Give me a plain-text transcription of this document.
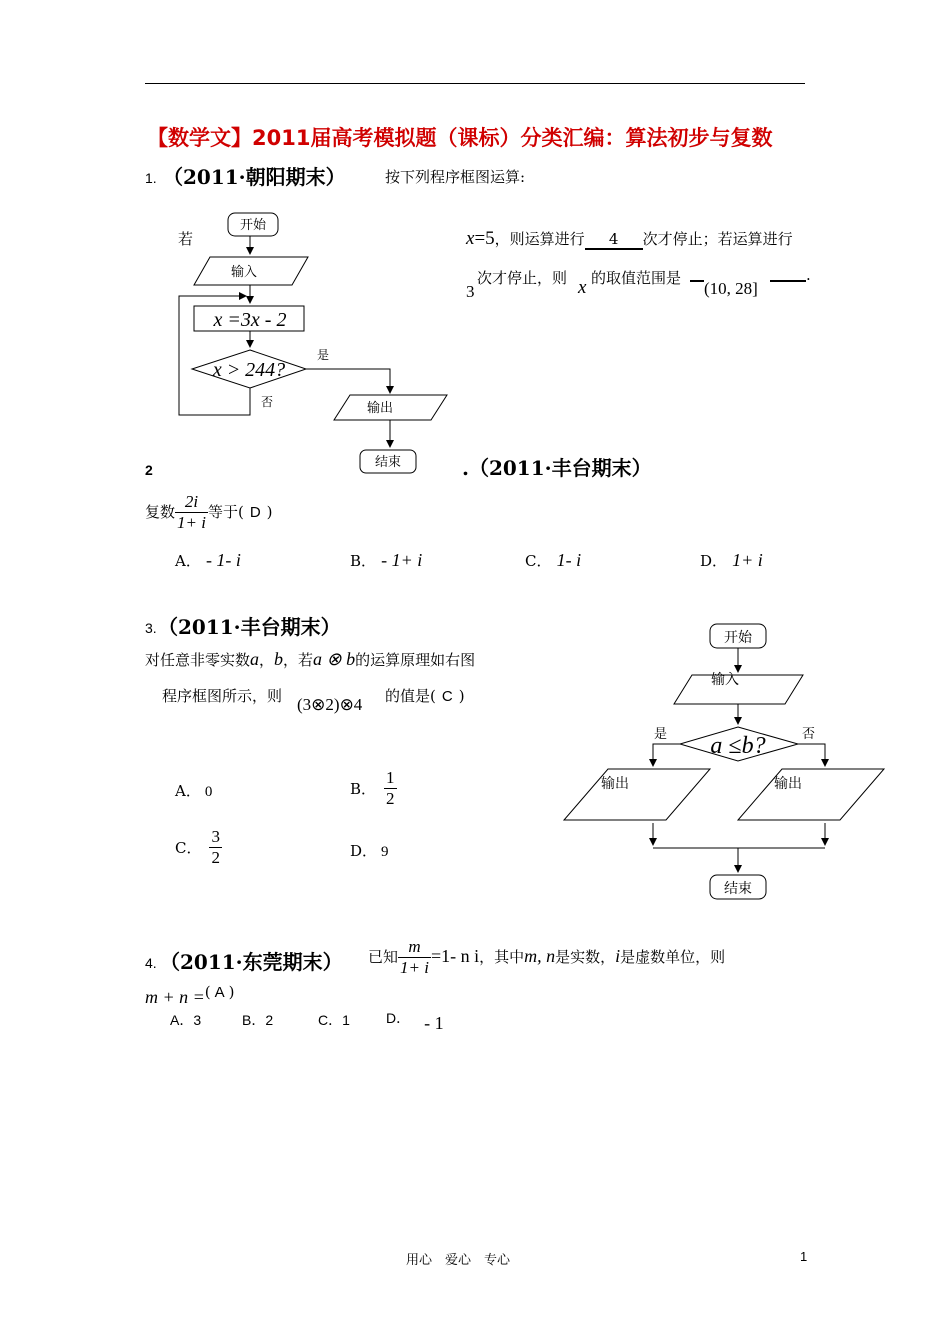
【数学文】2011届高考模拟题（课标）分类汇编：算法初步与复数
1. （2011·朝阳期末）	按下列程序框图运算:
若	x=5，则运算进行 4 次才停止；若运算进行
3
次才停止，则 x 的取值范围是
(10, 28]
.
开始
输入
x =3x - 2
x > 244?
是
否	输出
结束
2	.（2011·丰台期末）
复数 $\frac{2i}{1+ i}$ 等于( D )
A． - 1- i	B． - 1+ i	C． 1- i	D． 1+ i
3. （2011·丰台期末）
对任意非零实数a，b，若a ⊗ b的运算原理如右图
程序框图所示，则 (3⊗2)⊗4 的值是( C )
A． 0	B． $\frac{1}{2}$
C． $\frac{3}{2}$	D． 9
开始
输入
a ≤b?
是	否
输出	输出
结束
4. （2011·东莞期末） 已知 $\frac{m}{1+ i} =1-$ n i，其中m, n是实数，i是虚数单位，则
m + n =( A )
A．3	B．2	C．1	D． - 1
用心　爱心　专心	1
